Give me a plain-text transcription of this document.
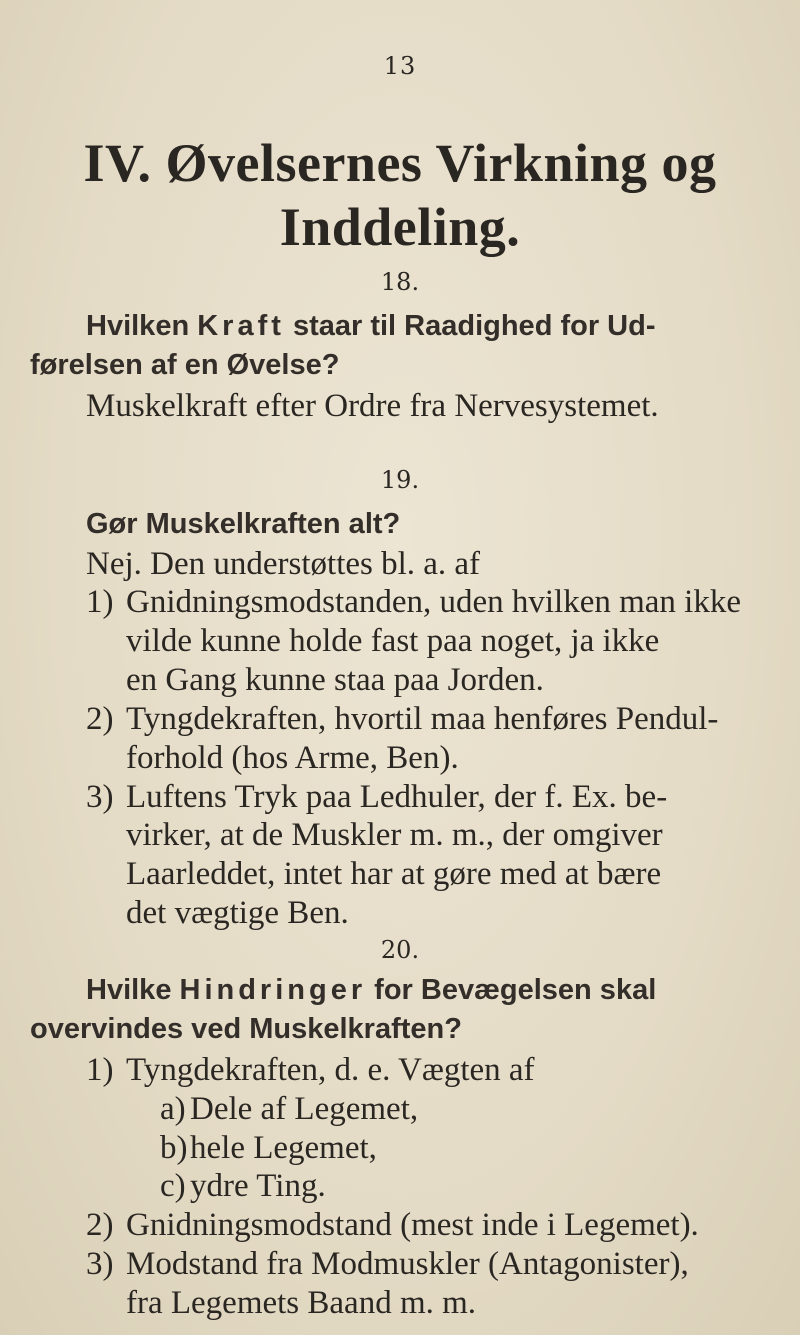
13
IV. Øvelsernes Virkning og
Inddeling.
18.
Hvilken Kraft staar til Raadighed for Ud-
førelsen af en Øvelse?
Muskelkraft efter Ordre fra Nervesystemet.
19.
Gør Muskelkraften alt?
Nej. Den understøttes bl. a. af
1) Gnidningsmodstanden, uden hvilken man ikke
vilde kunne holde fast paa noget, ja ikke
en Gang kunne staa paa Jorden.
2) Tyngdekraften, hvortil maa henføres Pendul-
forhold (hos Arme, Ben).
3) Luftens Tryk paa Ledhuler, der f. Ex. be-
virker, at de Muskler m. m., der omgiver
Laarleddet, intet har at gøre med at bære
det vægtige Ben.
20.
Hvilke Hindringer for Bevægelsen skal
overvindes ved Muskelkraften?
1) Tyngdekraften, d. e. Vægten af
a) Dele af Legemet,
b)hele Legemet,
c) ydre Ting.
2) Gnidningsmodstand (mest inde i Legemet).
3) Modstand fra Modmuskler (Antagonister),
fra Legemets Baand m. m.
